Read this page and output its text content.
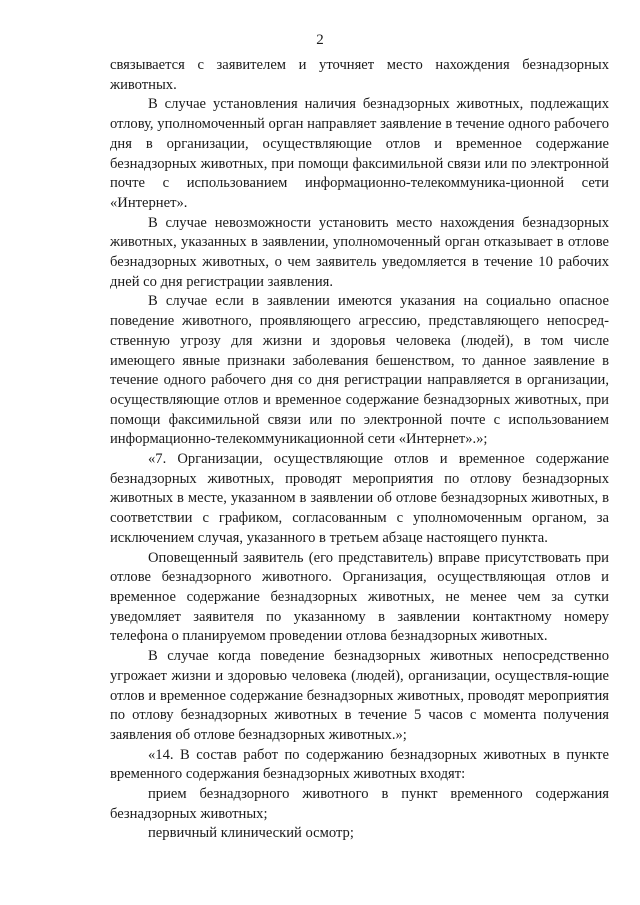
2

связывается с заявителем и уточняет место нахождения безнадзорных животных.

В случае установления наличия безнадзорных животных, подлежащих отлову, уполномоченный орган направляет заявление в течение одного рабочего дня в организации, осуществляющие отлов и временное содержание безнадзорных животных, при помощи факсимильной связи или по электронной почте с использованием информационно-телекоммуника-ционной сети «Интернет».

В случае невозможности установить место нахождения безнадзорных животных, указанных в заявлении, уполномоченный орган отказывает в отлове безнадзорных животных, о чем заявитель уведомляется в течение 10 рабочих дней со дня регистрации заявления.

В случае если в заявлении имеются указания на социально опасное поведение животного, проявляющего агрессию, представляющего непосред-ственную угрозу для жизни и здоровья человека (людей), в том числе имеющего явные признаки заболевания бешенством, то данное заявление в течение одного рабочего дня со дня регистрации направляется в организации, осуществляющие отлов и временное содержание безнадзорных животных, при помощи факсимильной связи или по электронной почте с использованием информационно-телекоммуникационной сети «Интернет».»;

«7. Организации, осуществляющие отлов и временное содержание безнадзорных животных, проводят мероприятия по отлову безнадзорных животных в месте, указанном в заявлении об отлове безнадзорных животных, в соответствии с графиком, согласованным с уполномоченным органом, за исключением случая, указанного в третьем абзаце настоящего пункта.

Оповещенный заявитель (его представитель) вправе присутствовать при отлове безнадзорного животного. Организация, осуществляющая отлов и временное содержание безнадзорных животных, не менее чем за сутки уведомляет заявителя по указанному в заявлении контактному номеру телефона о планируемом проведении отлова безнадзорных животных.

В случае когда поведение безнадзорных животных непосредственно угрожает жизни и здоровью человека (людей), организации, осуществля-ющие отлов и временное содержание безнадзорных животных, проводят мероприятия по отлову безнадзорных животных в течение 5 часов с момента получения заявления об отлове безнадзорных животных.»;

«14. В состав работ по содержанию безнадзорных животных в пункте временного содержания безнадзорных животных входят:

прием безнадзорного животного в пункт временного содержания безнадзорных животных;

первичный клинический осмотр;
